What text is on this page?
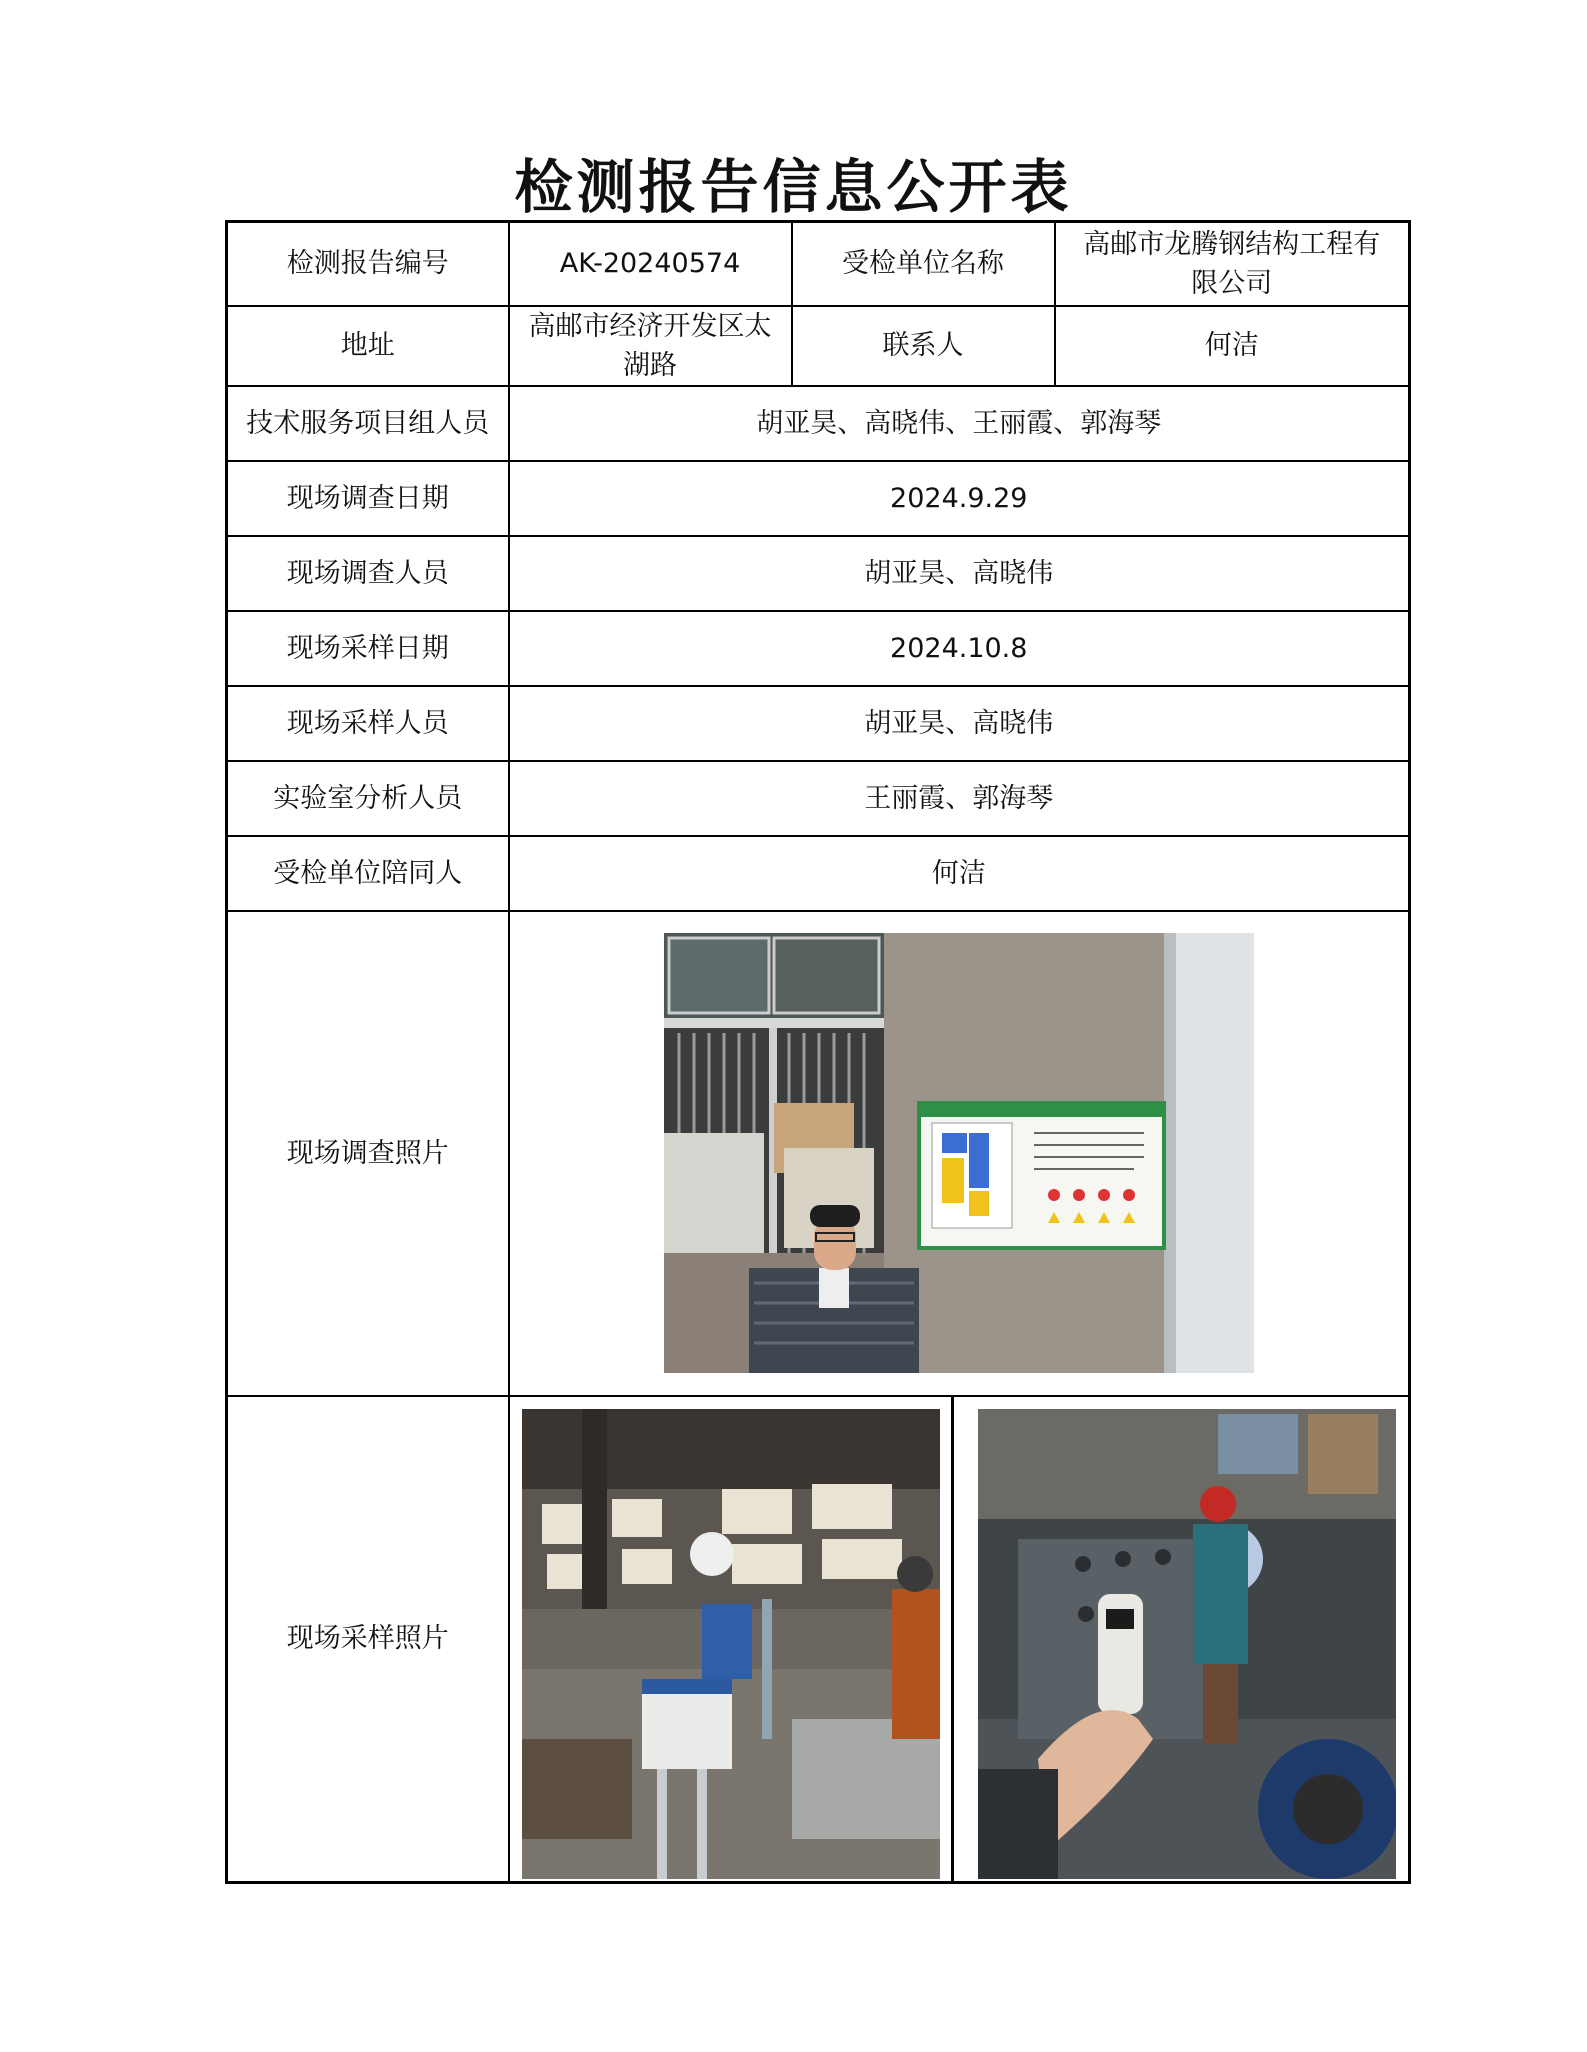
检测报告信息公开表
检测报告编号	AK-20240574	受检单位名称	高邮市龙腾钢结构工程有限公司
地址	高邮市经济开发区太湖路	联系人	何洁
技术服务项目组人员	胡亚昊、高晓伟、王丽霞、郭海琴		
现场调查日期	2024.9.29		
现场调查人员	胡亚昊、高晓伟		
现场采样日期	2024.10.8		
现场采样人员	胡亚昊、高晓伟		
实验室分析人员	王丽霞、郭海琴		
受检单位陪同人	何洁		
现场调查照片	

现场采样照片	
